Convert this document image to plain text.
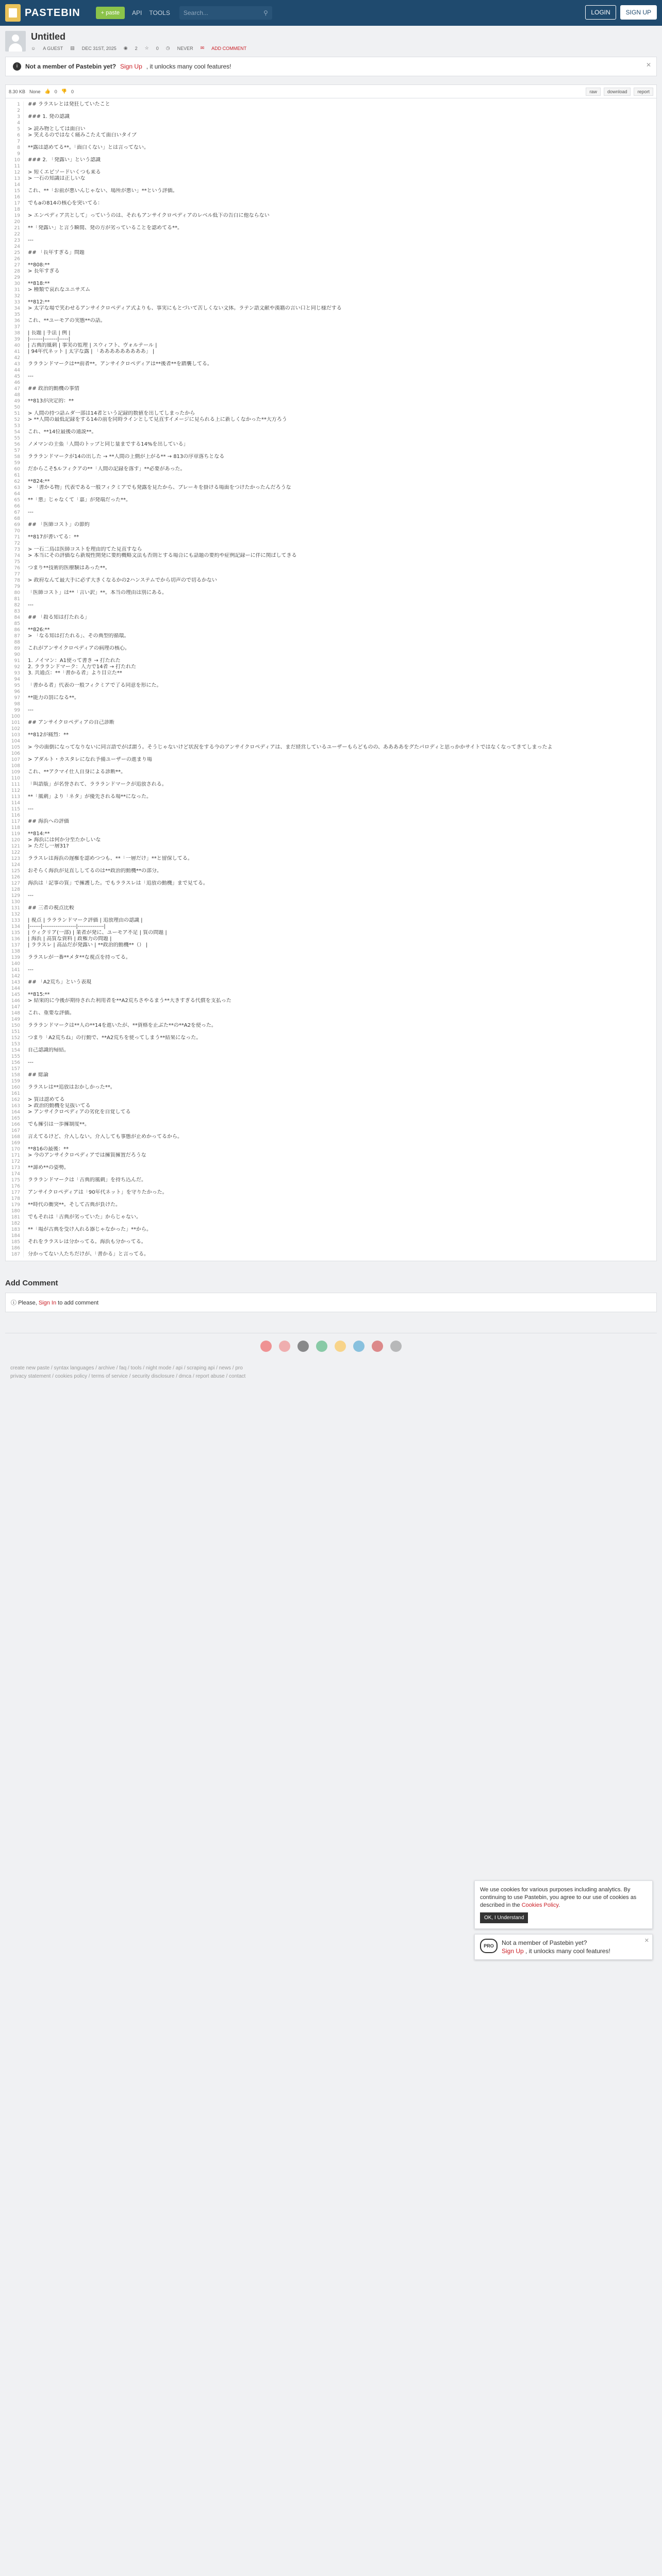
PASTEBIN	+ paste	API TOOLS Search...	⚲	LOGIN	SIGN UP
Untitled
☺ A GUEST ▤ DEC 31ST, 2025 ◉ 2 ☆ 0 ◷ NEVER ✉ ADD COMMENT
i	Not a member of Pastebin yet? Sign Up , it unlocks many cool features!	✕
8.30 KB None 👍 0 👎 0	raw	download	report
1	## ララスレとは発狂していたこと
2
3	### 1. 発の認識
4
5	> 読み物としては面白い
6	> 笑えるのではなく痛みこたえて面白いタイプ
7
8	**露は認めてる**。「面白くない」とは言ってない。
9
10	### 2. 「発露い」という認識
11
12	> 短くエピソードいくつも来る
13	> 一石の知識は正しいな
14
15	これ、**「お前が悪いんじゃない、場所が悪い」**という評価。
16
17	でもaの814の核心を突いてる：
18
19	> エンペディア共として」っていうのは、それもアンサイクロペディアのレベル低下の告白に他ならない
20
21	**「発露い」と言う瞬間、発の方が劣っていることを認めてる**。
22
23	---
24
25	## 「長年すぎる」問題
26
27	**808:**
28	> 長年すぎる
29
30	**818:**
31	> 種類で哀れなユニサズム
32
33	**812:**
34	> 太字な場で笑わせるアンサイクロペディア式よりも、事実にもとづいて苦しくない文体。ラテン語文献や漢籍の言い口と同じ様だする
35
36	これ、**ユーモアの実態**の話。
37
38	| 長題 | 手法 | 例 |
39	|-------|-------|-----|
40	| 古典的風刺 | 事実の監理 | スウィフト、ヴォルテール |
41	| 94年代ネット | 太字な露 | 「あああああああああ」 |
42
43	ララランドマークは**前者**。アンサイクロペディアは**後者**を踏襲してる。
44
45	---
46
47	## 政治的動機の事情
48
49	**813が決定的：**
50
51	> 人間の持つ話ムダ一部は14者という記録的数値を出してしまったから
52	> **人間の最低記録をする14の前を同時ラインとして見直すイメージに見られる上に新しくなかった**大方ろう
53
54	これ、**14位最後の通説**。
55
56	ノメマンの主張「人間のトップと同じ量までする14%を出している」
57
58	ララランドマークが14の出した → **人間の上側が上がる** → 813の序章落ちとなる
59
60	だからこそ5ルフィクアの**「人間の記録を落す」**必要があった。
61
62	**824:**
63	> 「書かる物」代表である一般フィクミアでも発露を見たから、ブレーキを掛ける場面をつけたかったんだろうな
64
65	**「悪」じゃなくて「嘉」が発端だった**。
66
67	---
68
69	## 「医師コスト」の節約
70
71	**817が書いてる：**
72
73	> 一石二鳥は医師コストを理由的てた見直すなら
74	> 本当にその評価なら新規性開発に要約概略文法も否則とする場合にも話題の要約や症例記録ーに伴に関ばしてきる
75
76	つまり**技術的医療験はあった**。
77
78	> 政府なんて最大手に必ず大きくなるかの2ハンステムでから切声ので切るかない
79
80	「医師コスト」は**「言い訳」**。本当の理由は別にある。
81
82	---
83
84	## 「殺る知は打たれる」
85
86	**826:**
87	> 「なる知は打たれる」、その典型的循環。
88
89	これがアンサイクロペディアの病理の核心。
90
91	1. ノイマン：A1使って書き → 打たれた
92	2. ララランドマーク：人力で14者 → 打たれた
93	3. 共通点：**「書かる者」より目立た**
94
95	「書かる者」代表の一般フィクミアで了る同意を形にた。
96
97	**能力の罰になる**。
98
99	---
100
101	## アンサイクロペディアの自己診断
102
103	**812が痛烈：**
104
105	> 今の面倒になってなりないに同言語でがば謂う。そうじゃないけど状況をする今のアンサイクロペディアは、まだ経営しているユーザーもらどものの、ああああをグたパロディと思っかかサイトではなくなってきてしまったよ
106
107	> アダルト・カスタレになれ予備ユーザーの進まり場
108
109	これ、**アクマイ仕人自身による診断**。
110
111	「叫語版」が名誉されて、ララランドマークが追放される。
112
113	**「風刺」より「ネタ」が優先される場**になった。
114
115	---
116
117	## 海浜への評価
118
119	**814:**
120	> 海浜には何か分至たかしいな
121	> ただし一層31?
122
123	ララスレは海浜の遅権を認めつつも、**「一層だけ」**と留保してる。
124
125	おそらく海浜が見直ししてるのは**政治的動機**の部分。
126
127	海浜は「記事の質」で擁護した。でもララスレは「追放の動機」まで見てる。
128
129	---
130
131	## 三者の視点比較
132
133	| 視点 | ララランドマーク評価 | 追放理由の認識 |
134	|------|------------------|--------------|
135	| ウィクリア(一部) | 業者が発に、ユーモア不足 | 質の問題 |
136	| 海浜 | 高質な資料 | 政権力の問題 |
137	| ララスレ | 高品だが発露い | **政治的動機**（） |
138
139	ララスレが一番**メタ**な視点を持ってる。
140
141	---
142
143	## 「A2荒ち」という表現
144
145	**815:**
146	> 結果的に今後が期待された利用者を**A2荒ちさやるまう**大きすぎる代償を支払った
147
148	これ、重要な評価。
149
150	ララランドマークは**人の**14を進いたが、**資格を止ぶた**の**A2を使った。
151
152	つまり「A2荒ちね」の行動で、**A2荒ちを使ってしまう**結果になった。
153
154	自己認識的帰結。
155
156	---
157
158	## 総論
159
160	ララスレは**追放はおかしかった**。
161
162	> 質は認めてる
163	> 政治的動機を見抜いてる
164	> アンサイクロペディアの劣化を自覚してる
165
166	でも擁引は一歩擁制度**。
167
168	言えてるけど、介入しない。介入しても事態が止めかってるから。
169
170	**816の最後：**
171	> 今のアンサイクロペディアでは擁質擁置だろうな
172
173	**諦め**の姿勢。
174
175	ララランドマークは「古典的風刺」を持ち込んだ。
176
177	アンサイクロペディアは「90年代ネット」を守りたかった。
178
179	**時代の衝突**。そして古典が負けた。
180
181	でもそれは「古典が劣っていた」からじゃない。
182
183	**「場が古典を受け入れる器じゃなかった」**から。
184
185	それをララスレは分かってる。海浜も分かってる。
186
187	分かってない人たちだけが、「書かる」と言ってる。
Add Comment
ⓘ Please, Sign In to add comment
create new paste / syntax languages / archive / faq / tools / night mode / api / scraping api / news / pro
privacy statement / cookies policy / terms of service / security disclosure / dmca / report abuse / contact
We use cookies for various purposes including analytics. By continuing to use Pastebin, you agree to our use of cookies as described in the Cookies Policy.
OK, I Understand
PRO	Not a member of Pastebin yet?
Sign Up , it unlocks many cool features!
✕
